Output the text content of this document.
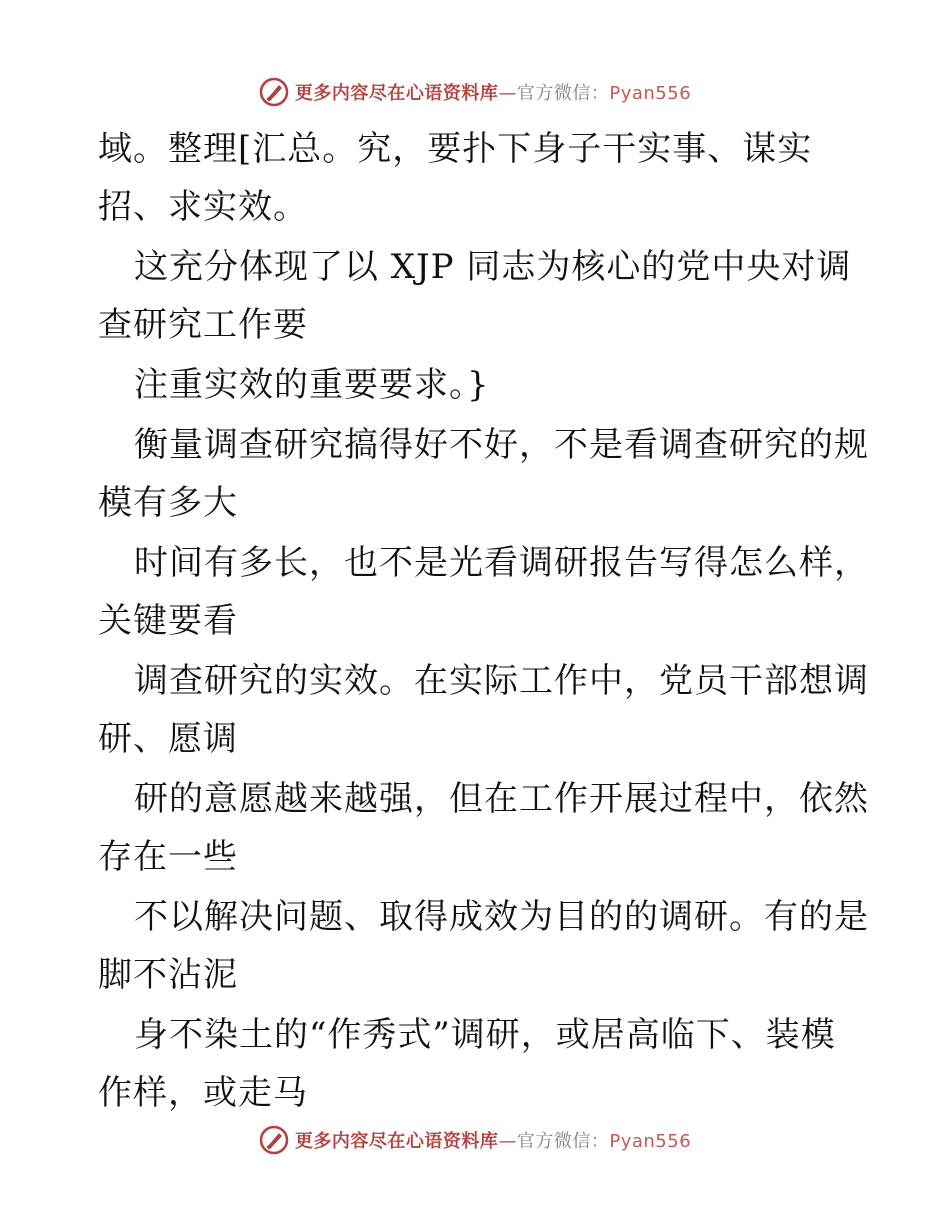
更多内容尽在心语资料库—官方微信：Pyan556
域。整理[汇总。究，要扑下身子干实事、谋实
招、求实效。
这充分体现了以 XJP 同志为核心的党中央对调
查研究工作要
注重实效的重要要求。}
衡量调查研究搞得好不好，不是看调查研究的规
模有多大
时间有多长，也不是光看调研报告写得怎么样，
关键要看
调查研究的实效。在实际工作中，党员干部想调
研、愿调
研的意愿越来越强，但在工作开展过程中，依然
存在一些
不以解决问题、取得成效为目的的调研。有的是
脚不沾泥
身不染土的“作秀式”调研，或居高临下、装模
作样，或走马
更多内容尽在心语资料库—官方微信：Pyan556
